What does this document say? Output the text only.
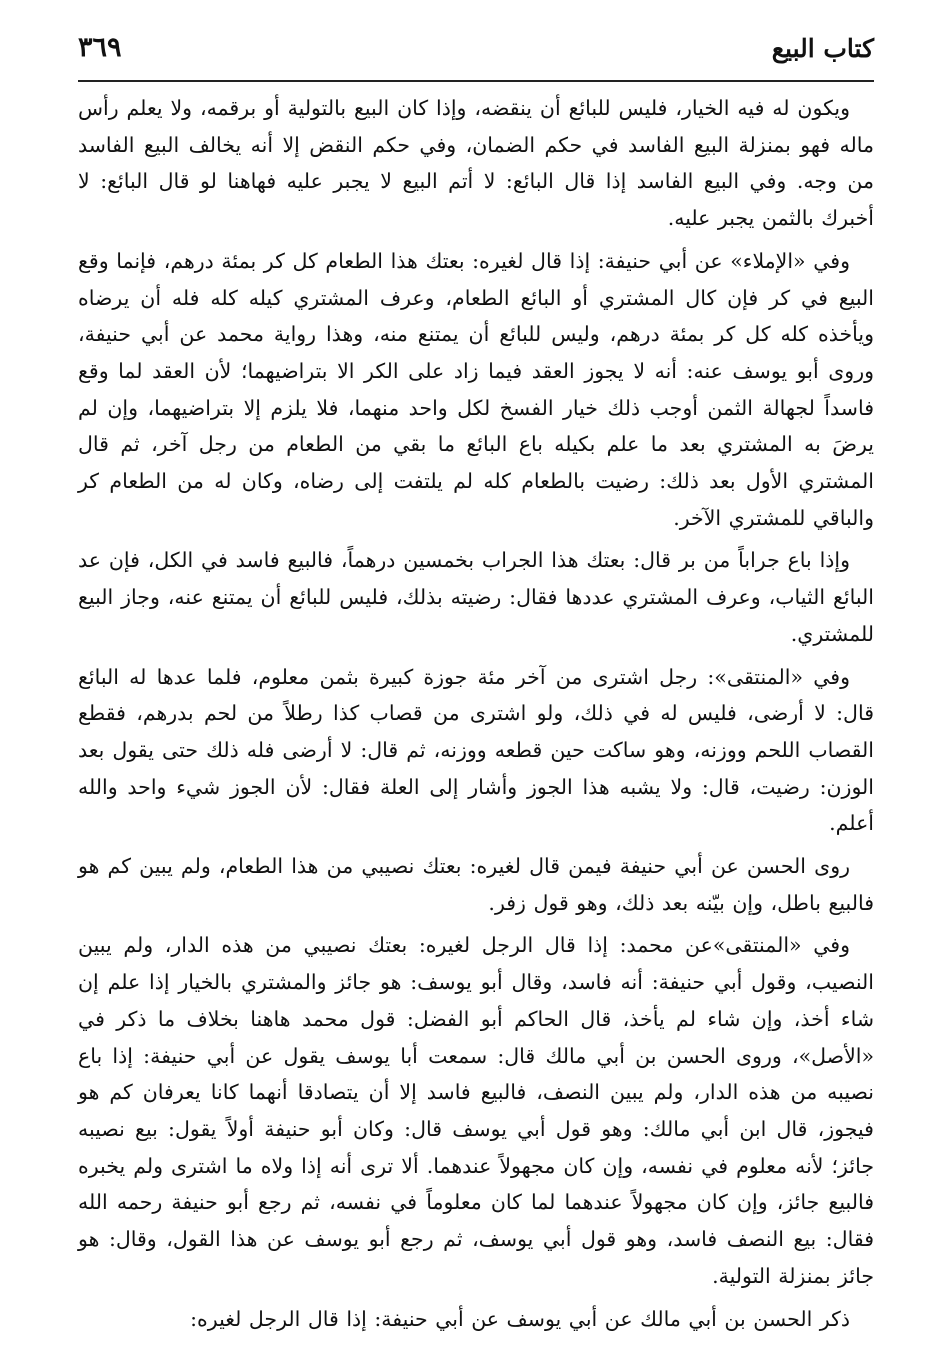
كتاب البيع
٣٦٩

ويكون له فيه الخيار، فليس للبائع أن ينقضه، وإذا كان البيع بالتولية أو برقمه، ولا يعلم رأس ماله فهو بمنزلة البيع الفاسد في حكم الضمان، وفي حكم النقض إلا أنه يخالف البيع الفاسد من وجه. وفي البيع الفاسد إذا قال البائع: لا أتم البيع لا يجبر عليه فهاهنا لو قال البائع: لا أخبرك بالثمن يجبر عليه.

وفي «الإملاء» عن أبي حنيفة: إذا قال لغيره: بعتك هذا الطعام كل كر بمئة درهم، فإنما وقع البيع في كر فإن كال المشتري أو البائع الطعام، وعرف المشتري كيله كله فله أن يرضاه ويأخذه كله كل كر بمئة درهم، وليس للبائع أن يمتنع منه، وهذا رواية محمد عن أبي حنيفة، وروى أبو يوسف عنه: أنه لا يجوز العقد فيما زاد على الكر الا بتراضيهما؛ لأن العقد لما وقع فاسداً لجهالة الثمن أوجب ذلك خيار الفسخ لكل واحد منهما، فلا يلزم إلا بتراضيهما، وإن لم يرضَ به المشتري بعد ما علم بكيله باع البائع ما بقي من الطعام من رجل آخر، ثم قال المشتري الأول بعد ذلك: رضيت بالطعام كله لم يلتفت إلى رضاه، وكان له من الطعام كر والباقي للمشتري الآخر.

وإذا باع جراباً من بر قال: بعتك هذا الجراب بخمسين درهماً، فالبيع فاسد في الكل، فإن عد البائع الثياب، وعرف المشتري عددها فقال: رضيته بذلك، فليس للبائع أن يمتنع عنه، وجاز البيع للمشتري.

وفي «المنتقى»: رجل اشترى من آخر مئة جوزة كبيرة بثمن معلوم، فلما عدها له البائع قال: لا أرضى، فليس له في ذلك، ولو اشترى من قصاب كذا رطلاً من لحم بدرهم، فقطع القصاب اللحم ووزنه، وهو ساكت حين قطعه ووزنه، ثم قال: لا أرضى فله ذلك حتى يقول بعد الوزن: رضيت، قال: ولا يشبه هذا الجوز وأشار إلى العلة فقال: لأن الجوز شيء واحد والله أعلم.

روى الحسن عن أبي حنيفة فيمن قال لغيره: بعتك نصيبي من هذا الطعام، ولم يبين كم هو فالبيع باطل، وإن بيّنه بعد ذلك، وهو قول زفر.

وفي «المنتقى»عن محمد: إذا قال الرجل لغيره: بعتك نصيبي من هذه الدار، ولم يبين النصيب، وقول أبي حنيفة: أنه فاسد، وقال أبو يوسف: هو جائز والمشتري بالخيار إذا علم إن شاء أخذ، وإن شاء لم يأخذ، قال الحاكم أبو الفضل: قول محمد هاهنا بخلاف ما ذكر في «الأصل»، وروى الحسن بن أبي مالك قال: سمعت أبا يوسف يقول عن أبي حنيفة: إذا باع نصيبه من هذه الدار، ولم يبين النصف، فالبيع فاسد إلا أن يتصادقا أنهما كانا يعرفان كم هو فيجوز، قال ابن أبي مالك: وهو قول أبي يوسف قال: وكان أبو حنيفة أولاً يقول: بيع نصيبه جائز؛ لأنه معلوم في نفسه، وإن كان مجهولاً عندهما. ألا ترى أنه إذا ولاه ما اشترى ولم يخبره فالبيع جائز، وإن كان مجهولاً عندهما لما كان معلوماً في نفسه، ثم رجع أبو حنيفة رحمه الله فقال: بيع النصف فاسد، وهو قول أبي يوسف، ثم رجع أبو يوسف عن هذا القول، وقال: هو جائز بمنزلة التولية.

ذكر الحسن بن أبي مالك عن أبي يوسف عن أبي حنيفة: إذا قال الرجل لغيره:
